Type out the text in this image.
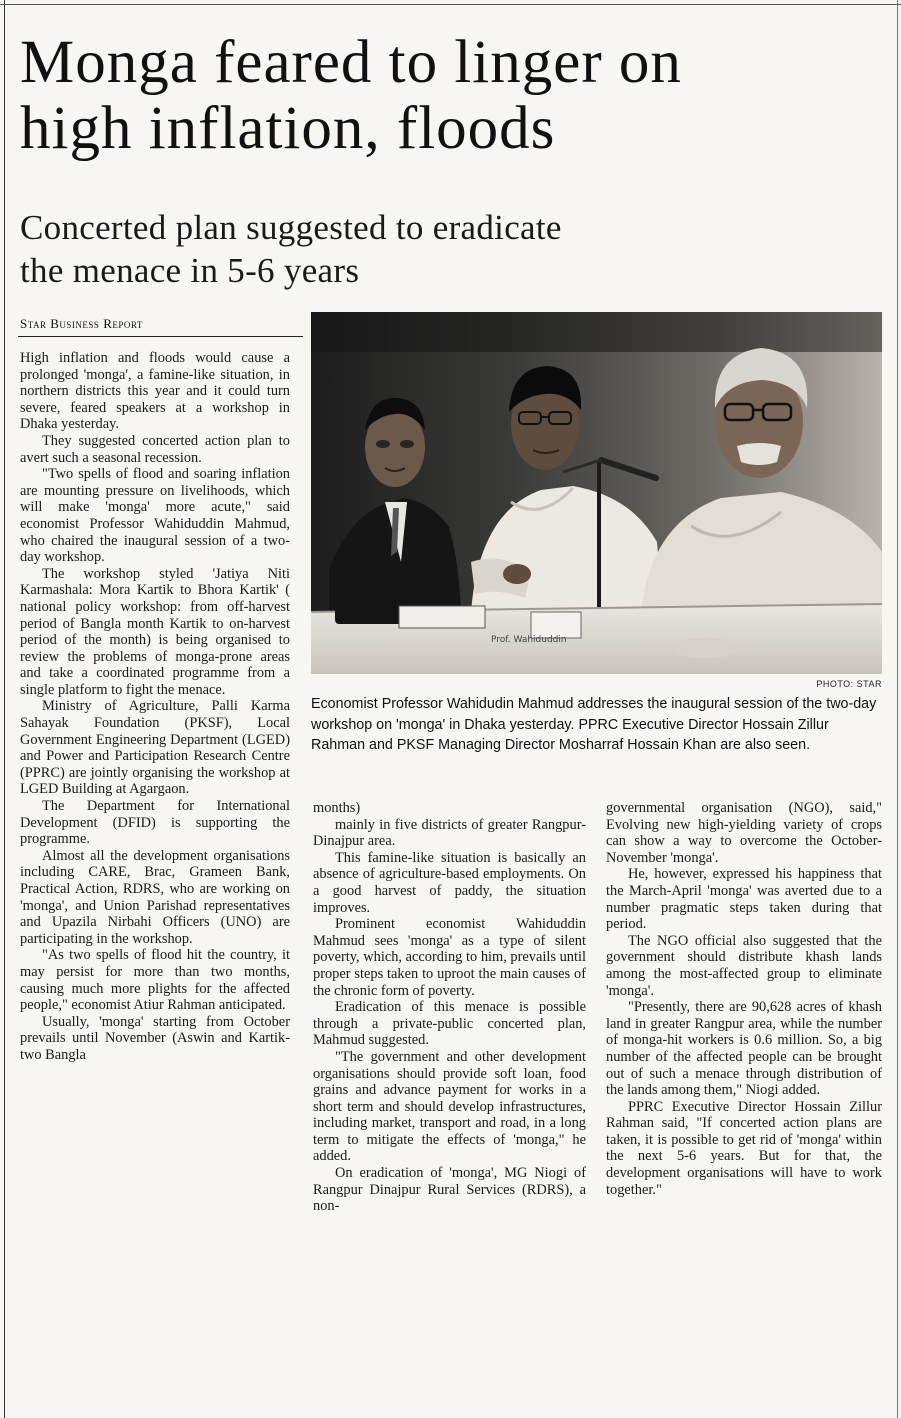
Monga feared to linger on
high inflation, floods
Concerted plan suggested to eradicate
the menace in 5-6 years
Star Business Report

High inflation and floods would cause a prolonged 'monga', a famine-like situation, in northern districts this year and it could turn severe, feared speakers at a workshop in Dhaka yesterday.

They suggested concerted action plan to avert such a seasonal recession.

"Two spells of flood and soaring inflation are mounting pressure on livelihoods, which will make 'monga' more acute," said economist Professor Wahiduddin Mahmud, who chaired the inaugural session of a two-day workshop.

The workshop styled 'Jatiya Niti Karmashala: Mora Kartik to Bhora Kartik' ( national policy workshop: from off-harvest period of Bangla month Kartik to on-harvest period of the month) is being organised to review the problems of monga-prone areas and take a coordinated programme from a single platform to fight the menace.

Ministry of Agriculture, Palli Karma Sahayak Foundation (PKSF), Local Government Engineering Department (LGED) and Power and Participation Research Centre (PPRC) are jointly organising the workshop at LGED Building at Agargaon.

The Department for International Development (DFID) is supporting the programme.

Almost all the development organisations including CARE, Brac, Grameen Bank, Practical Action, RDRS, who are working on 'monga', and Union Parishad representatives and Upazila Nirbahi Officers (UNO) are participating in the workshop.

"As two spells of flood hit the country, it may persist for more than two months, causing much more plights for the affected people," economist Atiur Rahman anticipated.

Usually, 'monga' starting from October prevails until November (Aswin and Kartik-two Bangla

Prof. Wahiduddin
PHOTO: STAR

Economist Professor Wahidudin Mahmud addresses the inaugural session of the two-day workshop on 'monga' in Dhaka yesterday. PPRC Executive Director Hossain Zillur Rahman and PKSF Managing Director Mosharraf Hossain Khan are also seen.

months)

mainly in five districts of greater Rangpur-Dinajpur area.

This famine-like situation is basically an absence of agriculture-based employments. On a good harvest of paddy, the situation improves.

Prominent economist Wahiduddin Mahmud sees 'monga' as a type of silent poverty, which, according to him, prevails until proper steps taken to uproot the main causes of the chronic form of poverty.

Eradication of this menace is possible through a private-public concerted plan, Mahmud suggested.

"The government and other development organisations should provide soft loan, food grains and advance payment for works in a short term and should develop infrastructures, including market, transport and road, in a long term to mitigate the effects of 'monga," he added.

On eradication of 'monga', MG Niogi of Rangpur Dinajpur Rural Services (RDRS), a non-

governmental organisation (NGO), said," Evolving new high-yielding variety of crops can show a way to overcome the October-November 'monga'.

He, however, expressed his happiness that the March-April 'monga' was averted due to a number pragmatic steps taken during that period.

The NGO official also suggested that the government should distribute khash lands among the most-affected group to eliminate 'monga'.

"Presently, there are 90,628 acres of khash land in greater Rangpur area, while the number of monga-hit workers is 0.6 million. So, a big number of the affected people can be brought out of such a menace through distribution of the lands among them," Niogi added.

PPRC Executive Director Hossain Zillur Rahman said, "If concerted action plans are taken, it is possible to get rid of 'monga' within the next 5-6 years. But for that, the development organisations will have to work together."
